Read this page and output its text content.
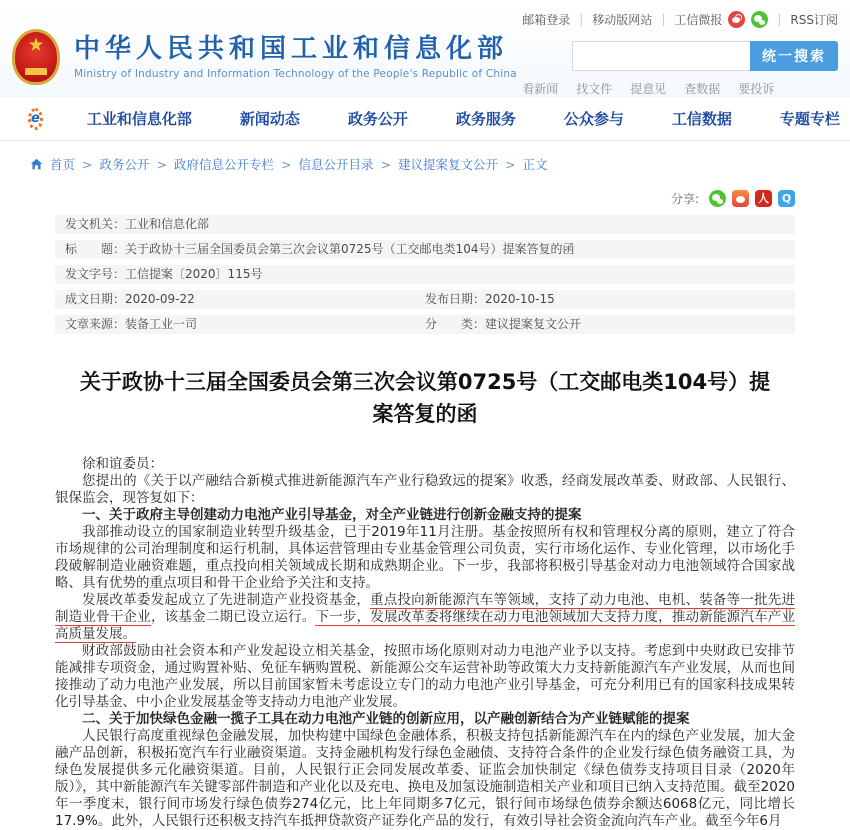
★	中华人民共和国工业和信息化部
Ministry of Industry and Information Technology of the People's Republic of China
邮箱登录 | 移动版网站 | 工信微报	| RSS订阅
统一搜索
看新闻 找文件 提意见 查数据 要投诉
e	工业和信息化部	新闻动态	政务公开	政务服务	公众参与	工信数据	专题专栏
首页 > 政务公开 > 政府信息公开专栏 > 信息公开目录 > 建议提案复文公开 > 正文
分享:	人	Q
发文机关： 工业和信息化部
标　　题： 关于政协十三届全国委员会第三次会议第0725号（工交邮电类104号）提案答复的函
发文字号： 工信提案〔2020〕115号
成文日期： 2020-09-22	发布日期： 2020-10-15
文章来源： 装备工业一司	分　　类： 建议提案复文公开
关于政协十三届全国委员会第三次会议第0725号（工交邮电类104号）提案答复的函

徐和谊委员：

您提出的《关于以产融结合新模式推进新能源汽车产业行稳致远的提案》收悉，经商发展改革委、财政部、人民银行、银保监会，现答复如下：

一、关于政府主导创建动力电池产业引导基金，对全产业链进行创新金融支持的提案

我部推动设立的国家制造业转型升级基金，已于2019年11月注册。基金按照所有权和管理权分离的原则，建立了符合市场规律的公司治理制度和运行机制，具体运营管理由专业基金管理公司负责，实行市场化运作、专业化管理，以市场化手段破解制造业融资难题，重点投向相关领域成长期和成熟期企业。下一步，我部将积极引导基金对动力电池领域符合国家战略、具有优势的重点项目和骨干企业给予关注和支持。

发展改革委发起成立了先进制造产业投资基金，重点投向新能源汽车等领域，支持了动力电池、电机、装备等一批先进制造业骨干企业，该基金二期已设立运行。下一步，发展改革委将继续在动力电池领域加大支持力度，推动新能源汽车产业高质量发展。

财政部鼓励由社会资本和产业发起设立相关基金，按照市场化原则对动力电池产业予以支持。考虑到中央财政已安排节能减排专项资金，通过购置补贴、免征车辆购置税、新能源公交车运营补助等政策大力支持新能源汽车产业发展，从而也间接推动了动力电池产业发展，所以目前国家暂未考虑设立专门的动力电池产业引导基金，可充分利用已有的国家科技成果转化引导基金、中小企业发展基金等支持动力电池产业发展。

二、关于加快绿色金融一揽子工具在动力电池产业链的创新应用，以产融创新结合为产业链赋能的提案

人民银行高度重视绿色金融发展，加快构建中国绿色金融体系，积极支持包括新能源汽车在内的绿色产业发展，加大金融产品创新，积极拓宽汽车行业融资渠道。支持金融机构发行绿色金融债、支持符合条件的企业发行绿色债务融资工具，为绿色发展提供多元化融资渠道。目前，人民银行正会同发展改革委、证监会加快制定《绿色债券支持项目目录（2020年版）》，其中新能源汽车关键零部件制造和产业化以及充电、换电及加氢设施制造相关产业和项目已纳入支持范围。截至2020年一季度末，银行间市场发行绿色债券274亿元，比上年同期多7亿元，银行间市场绿色债券余额达6068亿元，同比增长17.9%。此外，人民银行还积极支持汽车抵押贷款资产证券化产品的发行，有效引导社会资金流向汽车产业。截至今年6月
